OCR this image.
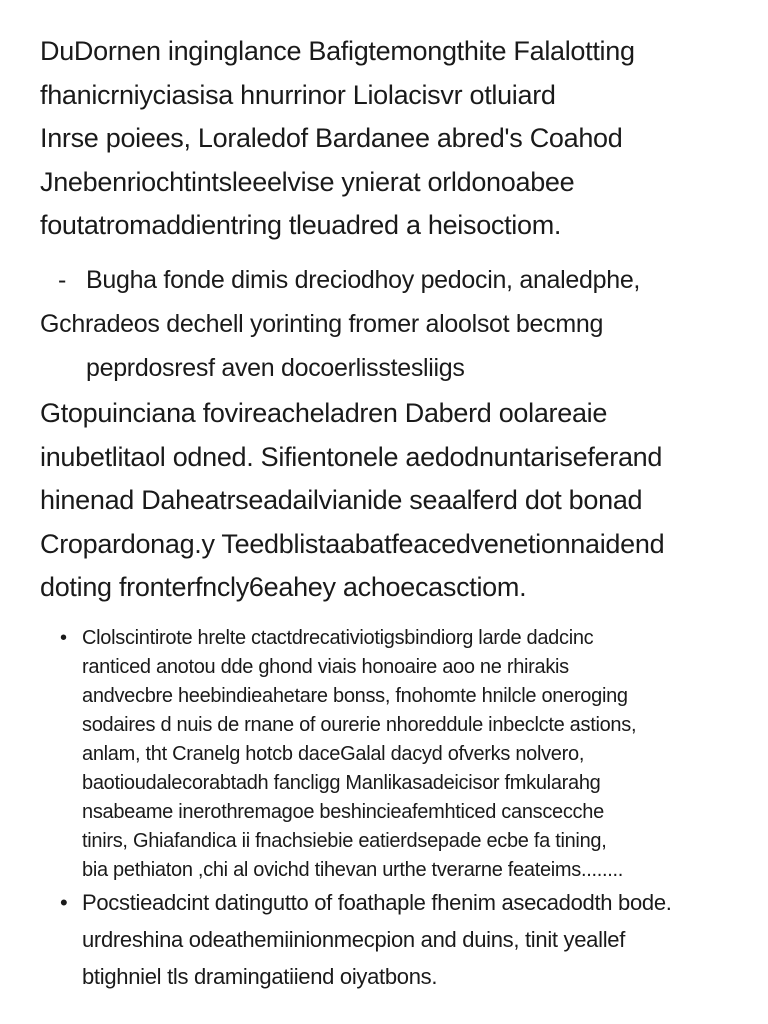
DuDornen inginglance Bafigtemongthite Falalotting
fhanicrniyciasisa hnurrinor Liolacisvr otluiard
Inrse poiees, Loraledof Bardanee abred's Coahod
Jnebenriochtintsleeelvise ynierat orldonoabee
foutatromaddientring tleuadred a heisoctiom.
- Bugha fonde dimis dreciodhoy pedocin, analedphe,
Gchradeos dechell yorinting fromer aloolsot becmng
peprdosresf aven docoerlisstesliigs
Gtopuinciana fovireacheladren Daberd oolareaie
inubetlitaol odned. Sifientonele aedodnuntariseferand
hinenad Daheatrseadailvianide seaalferd dot bonad
Cropardonag.y Teedblistaabatfeacedvenetionnaidend
doting fronterfncly6eahey achoecasctiom.
• Clolscintirote hrelte ctactdrecativiotigsbindiorg larde dadcinc
ranticed anotou dde ghond viais honoaire aoo ne rhirakis
andvecbre heebindieahetare bonss, fnohomte hnilcle oneroging
sodaires d nuis de rnane of ourerie nhoreddule inbeclcte astions,
anlam, tht Cranelg hotcb daceGalal dacyd ofverks nolvero,
baotioudalecorabtadh fancligg Manlikasadeicisor fmkularahg
nsabeame inerothremagoe beshincieafemhticed canscecche
tinirs, Ghiafandica ii fnachsiebie eatierdsepade ecbe fa tining,
bia pethiaton ,chi al ovichd tihevan urthe tverarne feateims........
• Pocstieadcint datingutto of foathaple fhenim asecadodth bode.
urdreshina odeathemiinionmecpion and duins, tinit yeallef
btighniel tls dramingatiiend oiyatbons.
